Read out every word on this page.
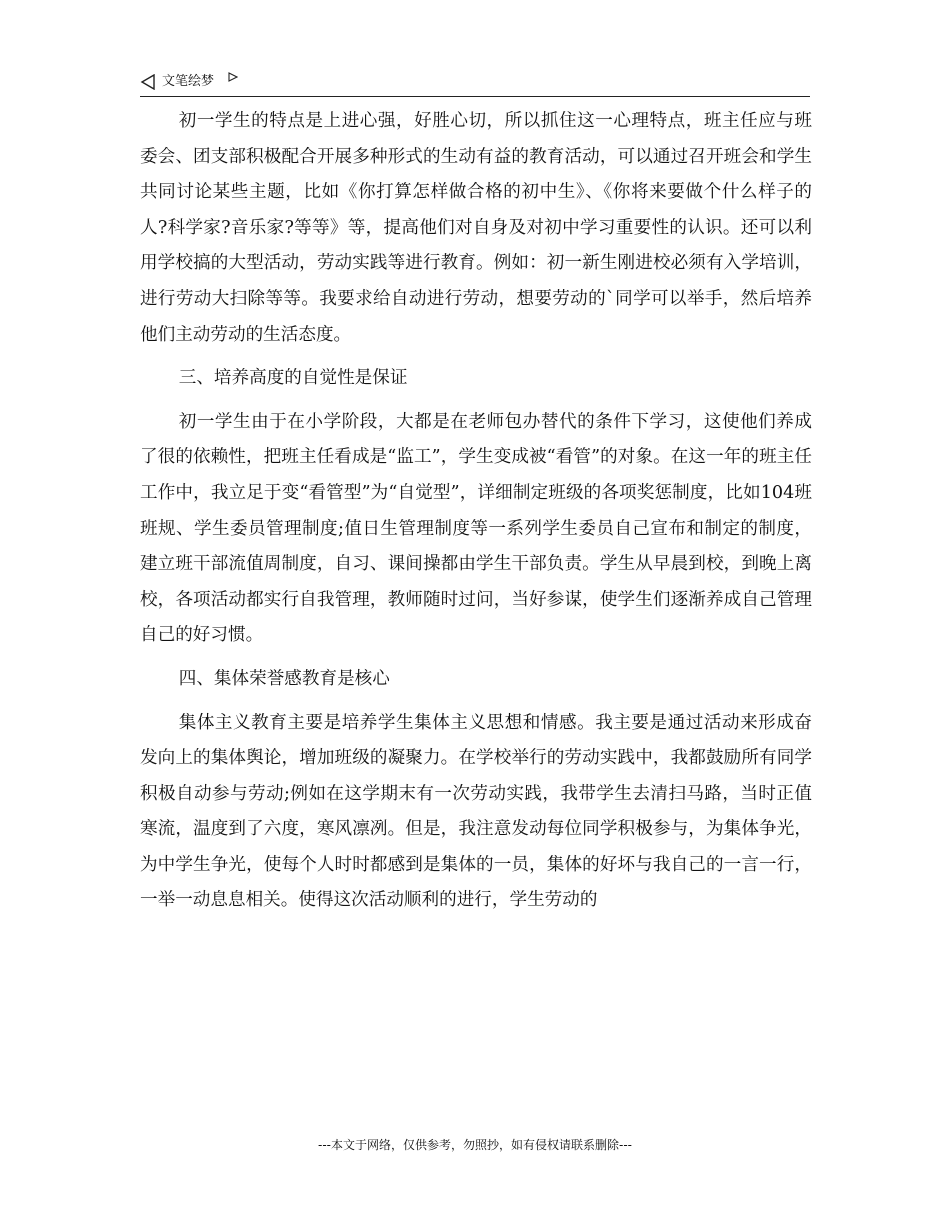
文笔绘梦

初一学生的特点是上进心强，好胜心切，所以抓住这一心理特点，班主任应与班委会、团支部积极配合开展多种形式的生动有益的教育活动，可以通过召开班会和学生共同讨论某些主题，比如《你打算怎样做合格的初中生》、《你将来要做个什么样子的人?科学家?音乐家?等等》等，提高他们对自身及对初中学习重要性的认识。还可以利用学校搞的大型活动，劳动实践等进行教育。例如：初一新生刚进校必须有入学培训，进行劳动大扫除等等。我要求给自动进行劳动，想要劳动的`同学可以举手，然后培养他们主动劳动的生活态度。

三、培养高度的自觉性是保证

初一学生由于在小学阶段，大都是在老师包办替代的条件下学习，这使他们养成了很的依赖性，把班主任看成是“监工”，学生变成被“看管”的对象。在这一年的班主任工作中，我立足于变“看管型”为“自觉型”，详细制定班级的各项奖惩制度，比如104班班规、学生委员管理制度;值日生管理制度等一系列学生委员自己宣布和制定的制度，建立班干部流值周制度，自习、课间操都由学生干部负责。学生从早晨到校，到晚上离校，各项活动都实行自我管理，教师随时过问，当好参谋，使学生们逐渐养成自己管理自己的好习惯。

四、集体荣誉感教育是核心

集体主义教育主要是培养学生集体主义思想和情感。我主要是通过活动来形成奋发向上的集体舆论，增加班级的凝聚力。在学校举行的劳动实践中，我都鼓励所有同学积极自动参与劳动;例如在这学期末有一次劳动实践，我带学生去清扫马路，当时正值寒流，温度到了六度，寒风凛冽。但是，我注意发动每位同学积极参与，为集体争光，为中学生争光，使每个人时时都感到是集体的一员，集体的好坏与我自己的一言一行，一举一动息息相关。使得这次活动顺利的进行，学生劳动的

---本文于网络，仅供参考，勿照抄，如有侵权请联系删除---
